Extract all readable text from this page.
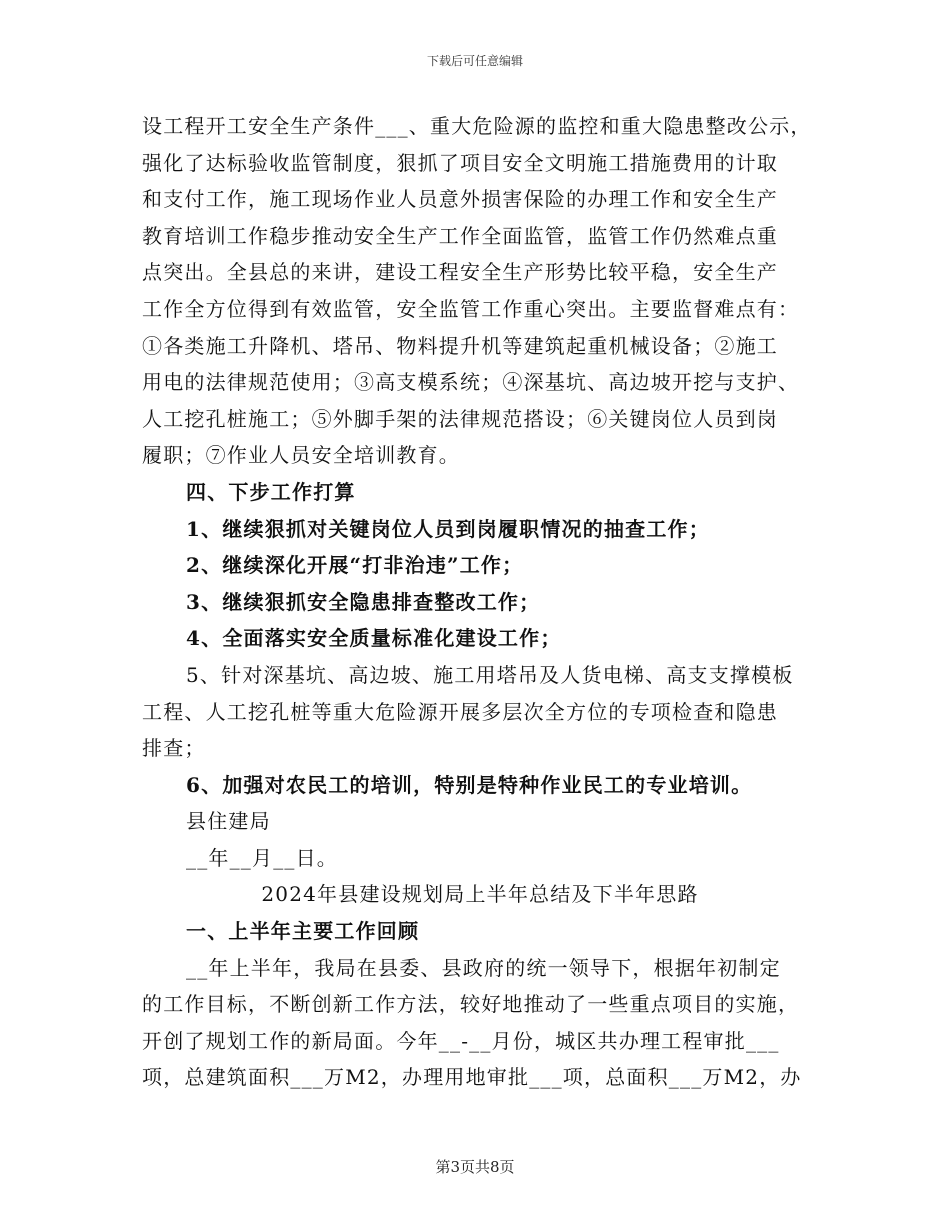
下载后可任意编辑
设工程开工安全生产条件___、重大危险源的监控和重大隐患整改公示，
强化了达标验收监管制度，狠抓了项目安全文明施工措施费用的计取
和支付工作，施工现场作业人员意外损害保险的办理工作和安全生产
教育培训工作稳步推动安全生产工作全面监管，监管工作仍然难点重
点突出。全县总的来讲，建设工程安全生产形势比较平稳，安全生产
工作全方位得到有效监管，安全监管工作重心突出。主要监督难点有：
①各类施工升降机、塔吊、物料提升机等建筑起重机械设备；②施工
用电的法律规范使用；③高支模系统；④深基坑、高边坡开挖与支护、
人工挖孔桩施工；⑤外脚手架的法律规范搭设；⑥关键岗位人员到岗
履职；⑦作业人员安全培训教育。
四、下步工作打算
1、继续狠抓对关键岗位人员到岗履职情况的抽查工作；
2、继续深化开展“打非治违”工作；
3、继续狠抓安全隐患排查整改工作；
4、全面落实安全质量标准化建设工作；
5、针对深基坑、高边坡、施工用塔吊及人货电梯、高支支撑模板
工程、人工挖孔桩等重大危险源开展多层次全方位的专项检查和隐患
排查；
6、加强对农民工的培训，特别是特种作业民工的专业培训。
县住建局
__年__月__日。
2024年县建设规划局上半年总结及下半年思路
一、上半年主要工作回顾
__年上半年，我局在县委、县政府的统一领导下，根据年初制定
的工作目标，不断创新工作方法，较好地推动了一些重点项目的实施，
开创了规划工作的新局面。今年__-__月份，城区共办理工程审批___
项，总建筑面积___万M2，办理用地审批___项，总面积___万M2，办
第3页共8页
